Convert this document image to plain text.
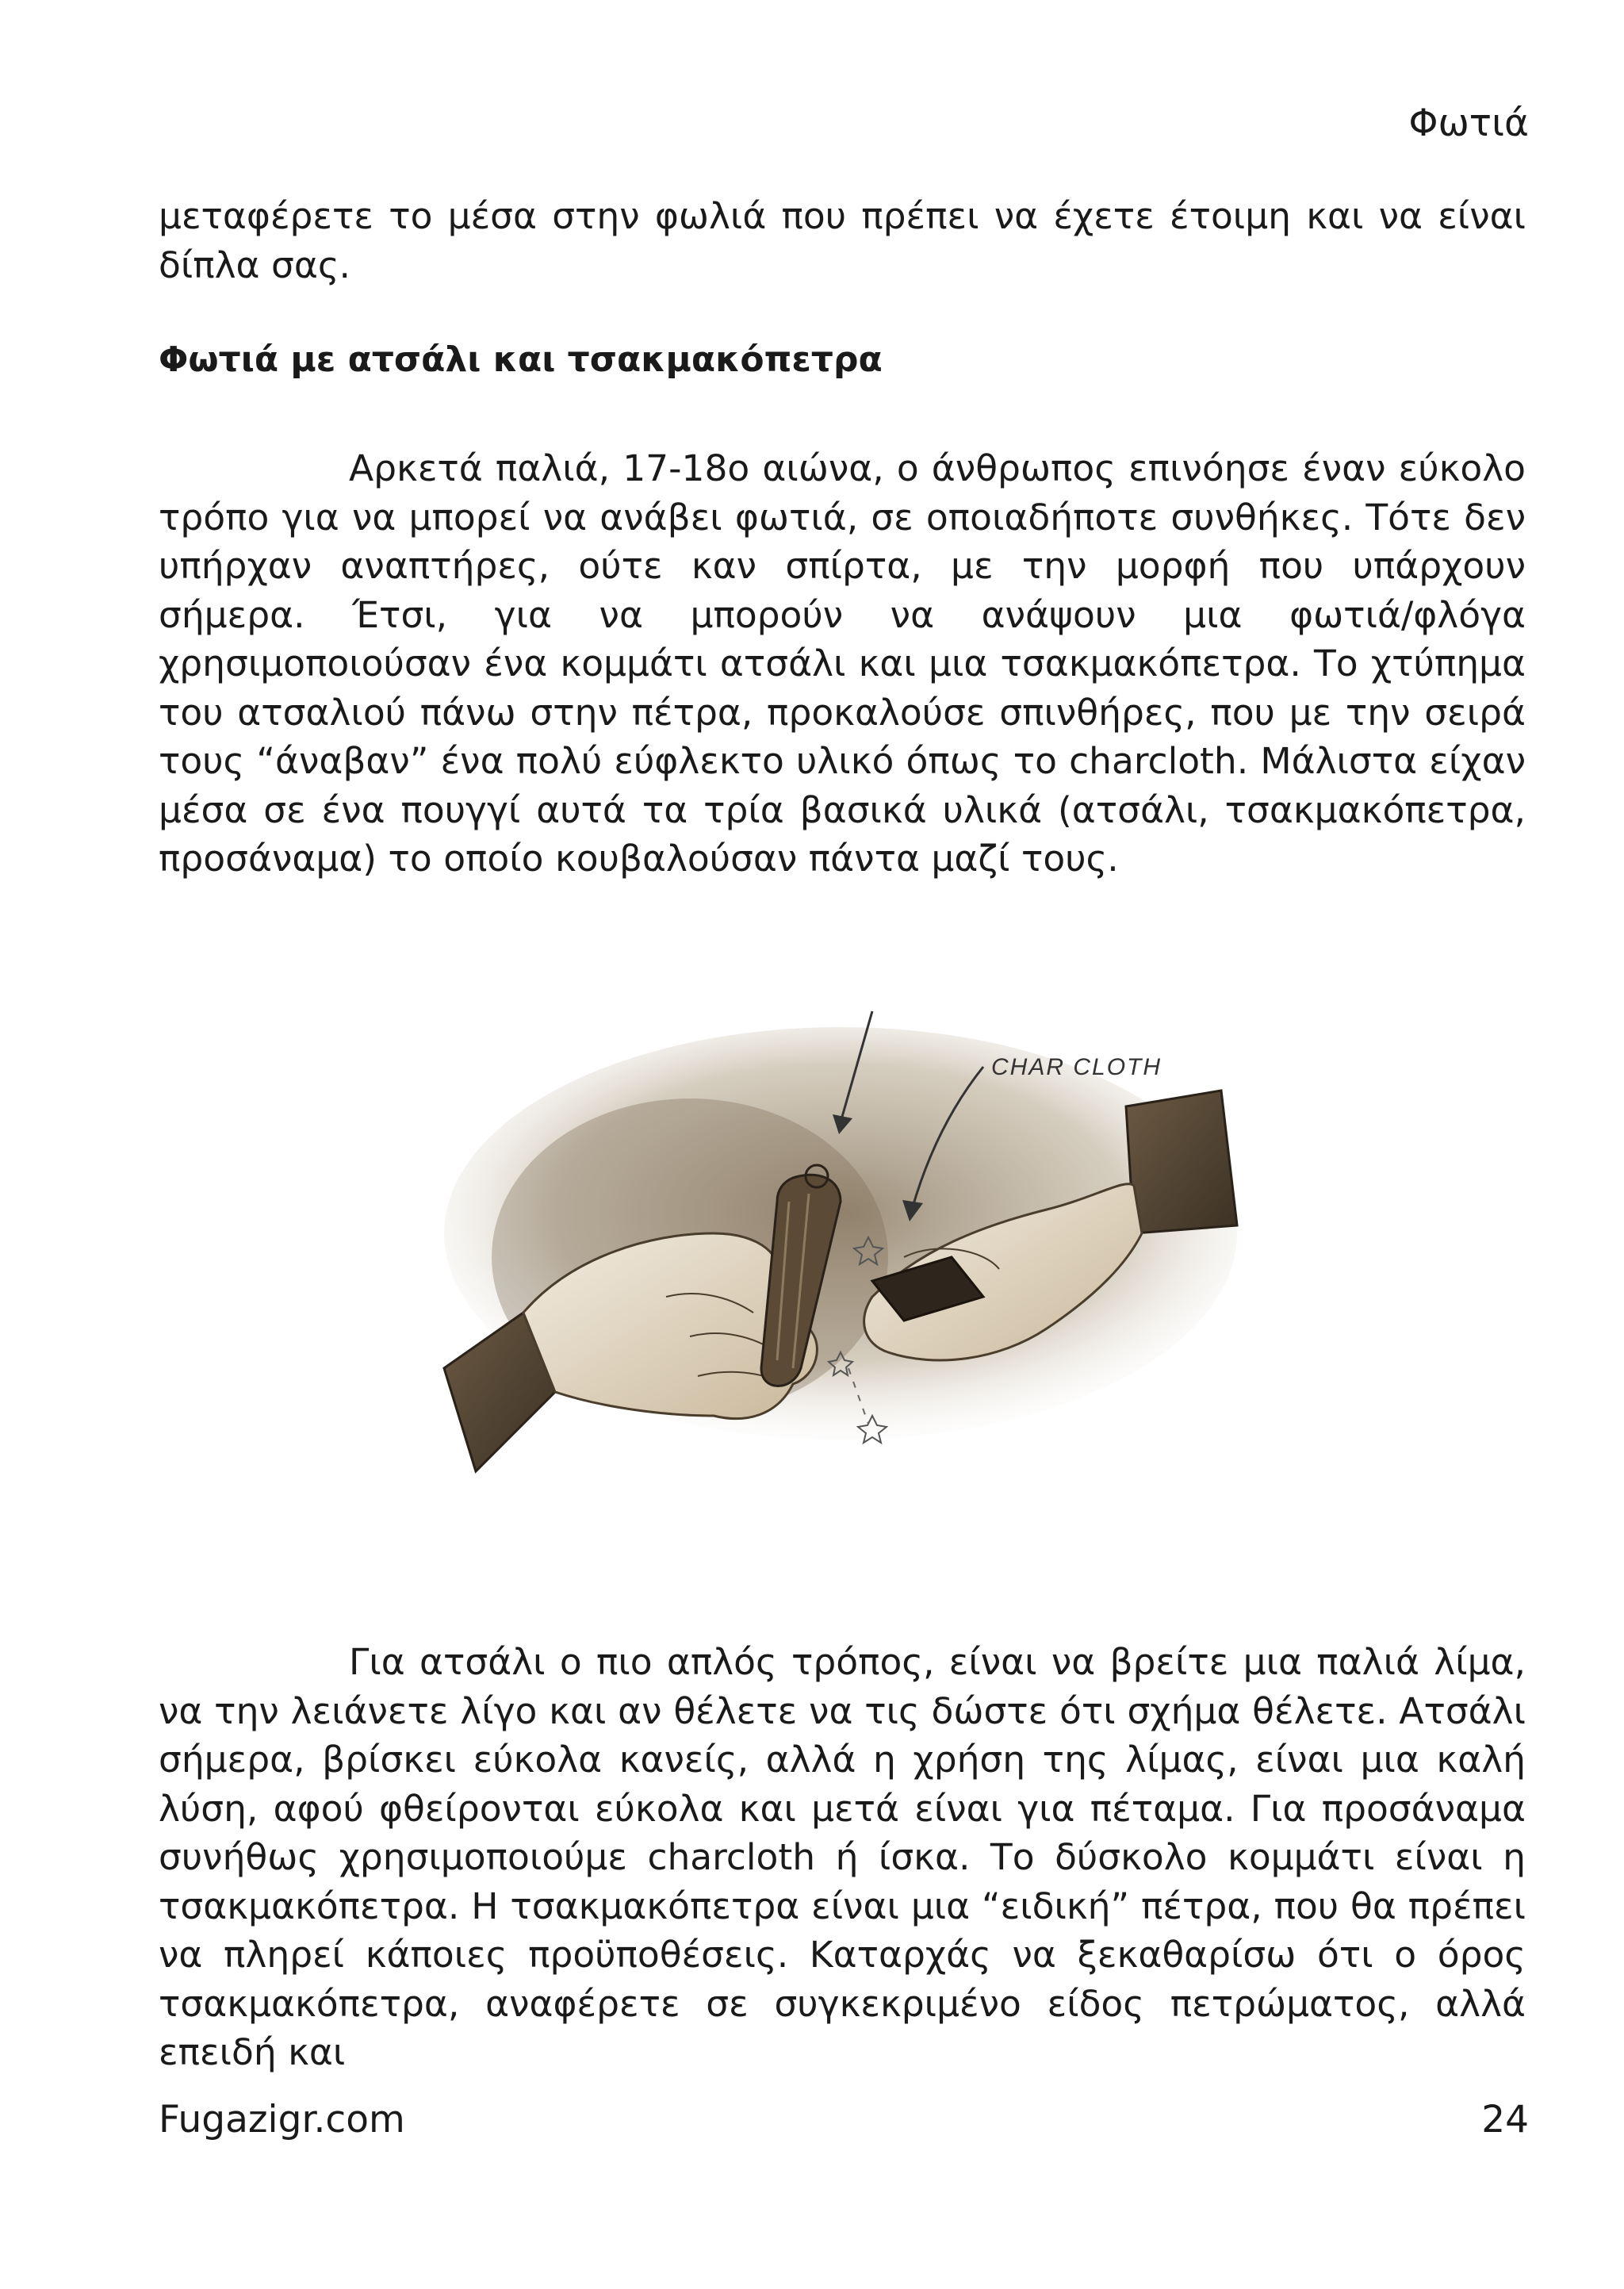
Φωτιά

μεταφέρετε το μέσα στην φωλιά που πρέπει να έχετε έτοιμη και να είναι δίπλα σας.

Φωτιά με ατσάλι και τσακμακόπετρα

Αρκετά παλιά, 17-18ο αιώνα, ο άνθρωπος επινόησε έναν εύκολο τρόπο για να μπορεί να ανάβει φωτιά, σε οποιαδήποτε συνθήκες. Τότε δεν υπήρχαν αναπτήρες, ούτε καν σπίρτα, με την μορφή που υπάρχουν σήμερα. Έτσι, για να μπορούν να ανάψουν μια φωτιά/φλόγα χρησιμοποιούσαν ένα κομμάτι ατσάλι και μια τσακμακόπετρα. Το χτύπημα του ατσαλιού πάνω στην πέτρα, προκαλούσε σπινθήρες, που με την σειρά τους “άναβαν” ένα πολύ εύφλεκτο υλικό όπως το charcloth. Μάλιστα είχαν μέσα σε ένα πουγγί αυτά τα τρία βασικά υλικά (ατσάλι, τσακμακόπετρα, προσάναμα) το οποίο κουβαλούσαν πάντα μαζί τους.

CHAR CLOTH

Για ατσάλι ο πιο απλός τρόπος, είναι να βρείτε μια παλιά λίμα, να την λειάνετε λίγο και αν θέλετε να τις δώστε ότι σχήμα θέλετε. Ατσάλι σήμερα, βρίσκει εύκολα κανείς, αλλά η χρήση της λίμας, είναι μια καλή λύση, αφού φθείρονται εύκολα και μετά είναι για πέταμα. Για προσάναμα συνήθως χρησιμοποιούμε charcloth ή ίσκα. Το δύσκολο κομμάτι είναι η τσακμακόπετρα. Η τσακμακόπετρα είναι μια “ειδική” πέτρα, που θα πρέπει να πληρεί κάποιες προϋποθέσεις. Καταρχάς να ξεκαθαρίσω ότι ο όρος τσακμακόπετρα, αναφέρετε σε συγκεκριμένο είδος πετρώματος, αλλά επειδή και

Fugazigr.com	24
